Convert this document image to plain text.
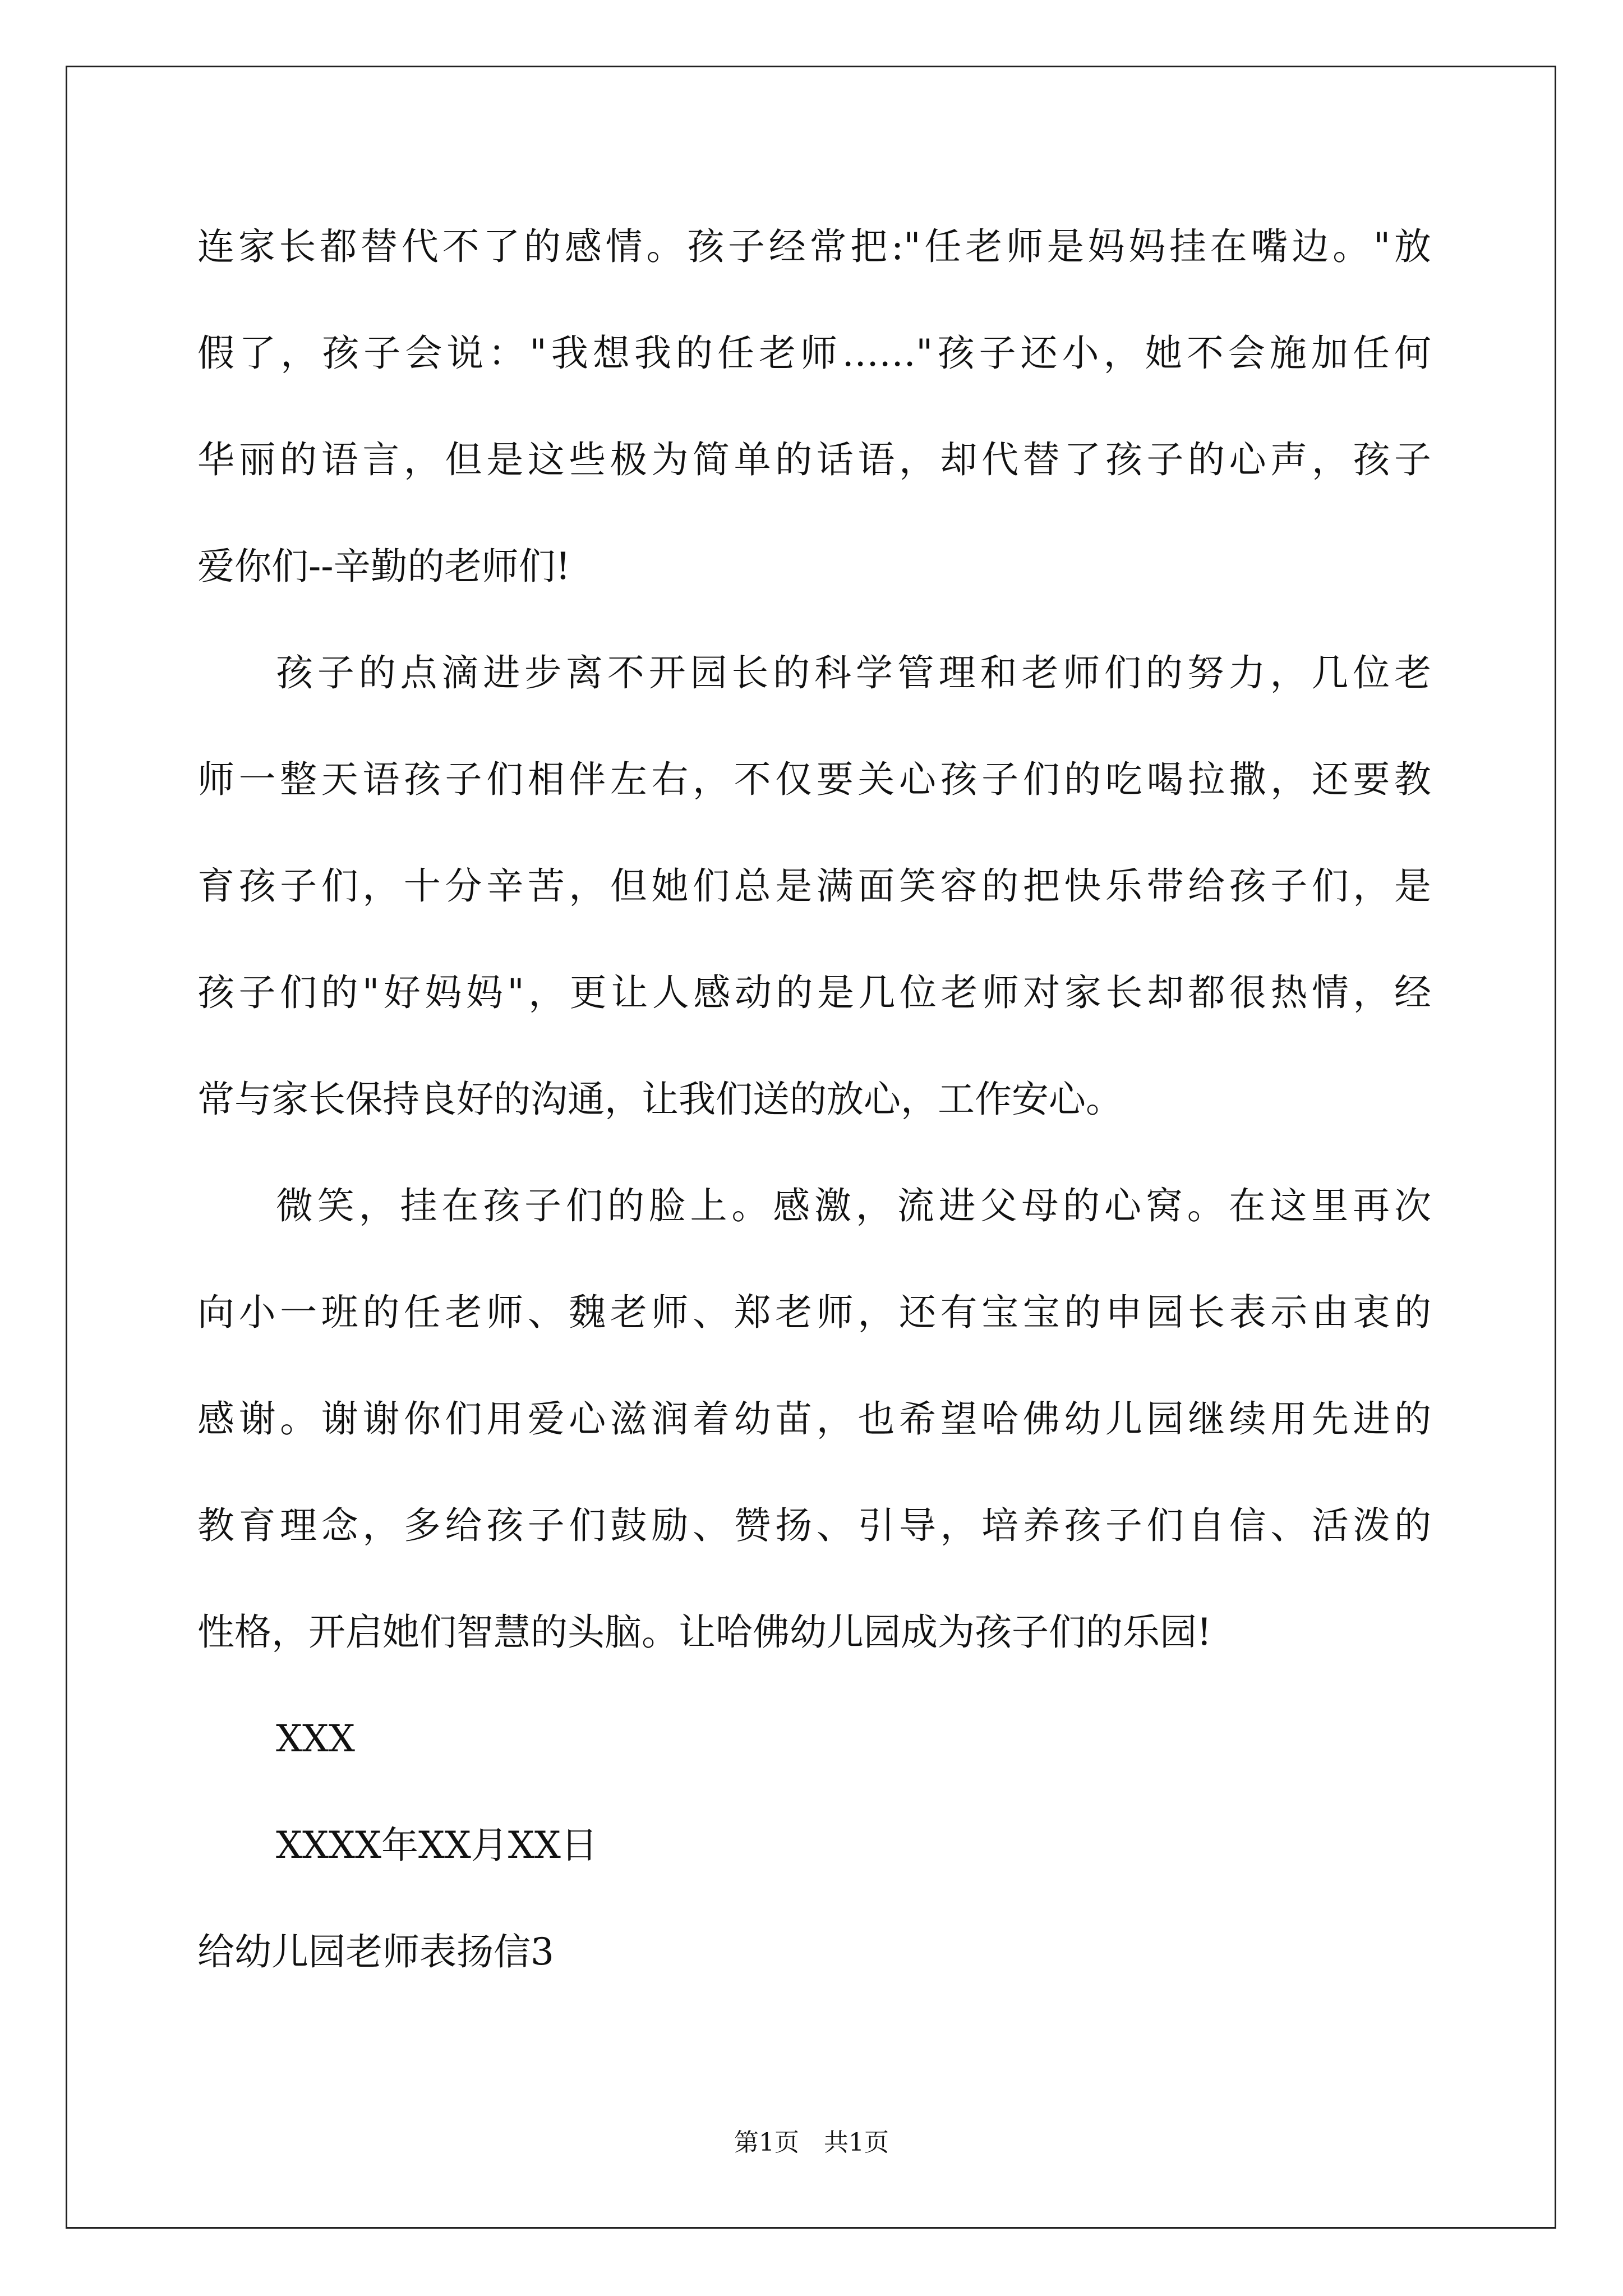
连家长都替代不了的感情。孩子经常把:"任老师是妈妈挂在嘴边。"放
假了，孩子会说："我想我的任老师……"孩子还小，她不会施加任何
华丽的语言，但是这些极为简单的话语，却代替了孩子的心声，孩子
爱你们--辛勤的老师们!
孩子的点滴进步离不开园长的科学管理和老师们的努力，几位老
师一整天语孩子们相伴左右，不仅要关心孩子们的吃喝拉撒，还要教
育孩子们，十分辛苦，但她们总是满面笑容的把快乐带给孩子们，是
孩子们的"好妈妈"，更让人感动的是几位老师对家长却都很热情，经
常与家长保持良好的沟通，让我们送的放心，工作安心。
微笑，挂在孩子们的脸上。感激，流进父母的心窝。在这里再次
向小一班的任老师、魏老师、郑老师，还有宝宝的申园长表示由衷的
感谢。谢谢你们用爱心滋润着幼苗，也希望哈佛幼儿园继续用先进的
教育理念，多给孩子们鼓励、赞扬、引导，培养孩子们自信、活泼的
性格，开启她们智慧的头脑。让哈佛幼儿园成为孩子们的乐园!
XXX
XXXX年XX月XX日
给幼儿园老师表扬信3
第1页　共1页
